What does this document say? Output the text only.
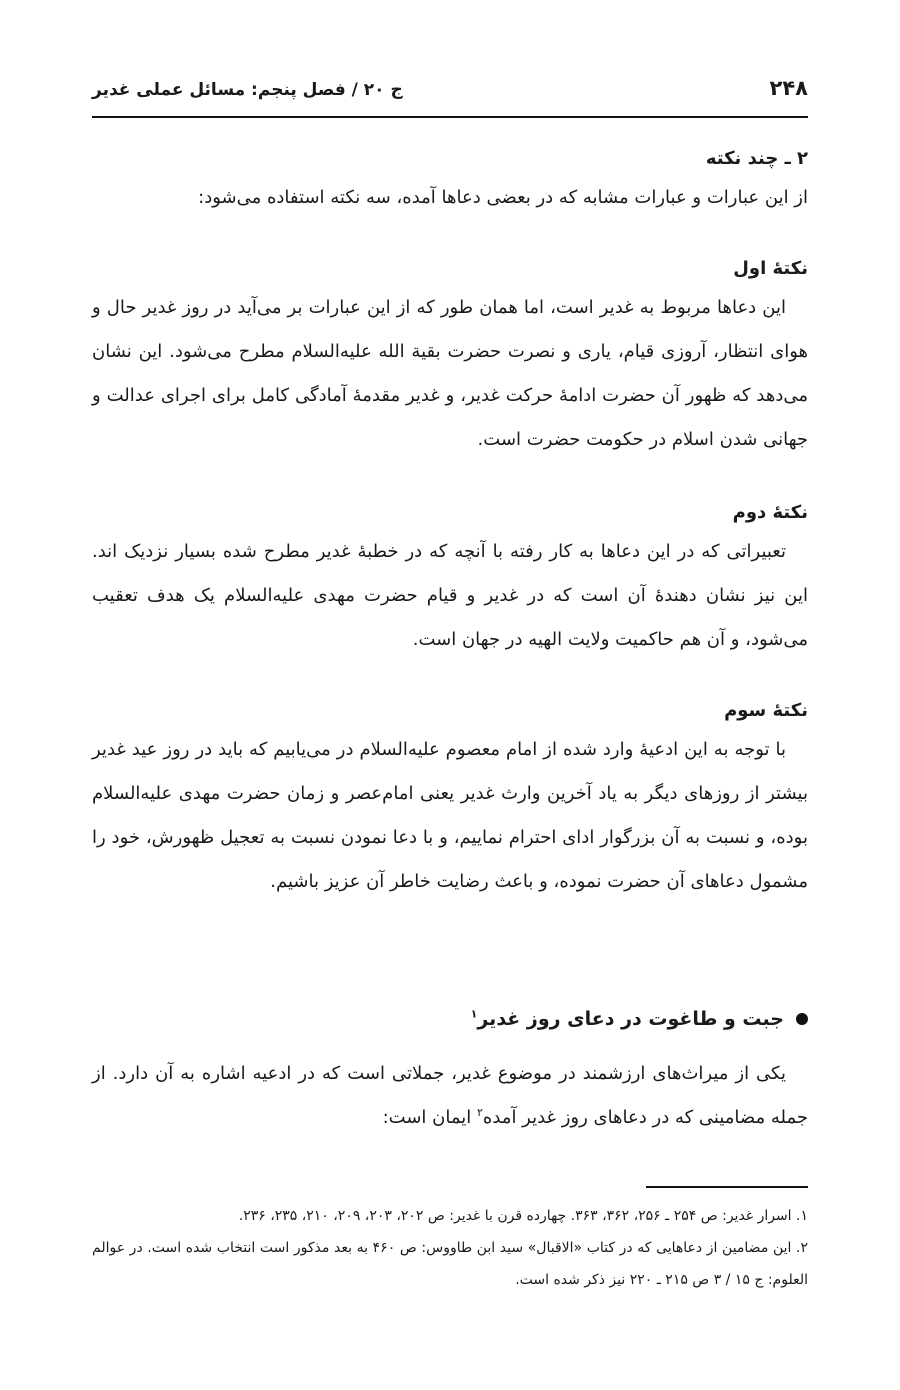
۲۴۸
ج ۲۰ / فصل پنجم: مسائل عملی غدیر

۲ ـ چند نکته

از این عبارات و عبارات مشابه که در بعضی دعاها آمده، سه نکته استفاده می‌شود:

نکتهٔ اول

این دعاها مربوط به غدیر است، اما همان طور که از این عبارات بر می‌آید در روز غدیر حال و هوای انتظار، آروزی قیام، یاری و نصرت حضرت بقیة الله علیه‌السلام مطرح می‌شود. این نشان می‌دهد که ظهور آن حضرت ادامهٔ حرکت غدیر، و غدیر مقدمهٔ آمادگی کامل برای اجرای عدالت و جهانی شدن اسلام در حکومت حضرت است.

نکتهٔ دوم

تعبیراتی که در این دعاها به کار رفته با آنچه که در خطبهٔ غدیر مطرح شده بسیار نزدیک اند. این نیز نشان دهندهٔ آن است که در غدیر و قیام حضرت مهدی علیه‌السلام یک هدف تعقیب می‌شود، و آن هم حاکمیت ولایت الهیه در جهان است.

نکتهٔ سوم

با توجه به این ادعیهٔ وارد شده از امام معصوم علیه‌السلام در می‌یابیم که باید در روز عید غدیر بیشتر از روزهای دیگر به یاد آخرین وارث غدیر یعنی امام‌عصر و زمان حضرت مهدی علیه‌السلام بوده، و نسبت به آن بزرگوار ادای احترام نماییم، و با دعا نمودن نسبت به تعجیل ظهورش، خود را مشمول دعاهای آن حضرت نموده، و باعث رضایت خاطر آن عزیز باشیم.

جبت و طاغوت در دعای روز غدیر$^۱$

یکی از میراث‌های ارزشمند در موضوع غدیر، جملاتی است که در ادعیه اشاره به آن دارد. از جمله مضامینی که در دعاهای روز غدیر آمده$^۲$ ایمان است:

۱. اسرار غدیر: ص ۲۵۴ ـ ۲۵۶، ۳۶۲، ۳۶۳. چهارده قرن با غدیر: ص ۲۰۲، ۲۰۳، ۲۰۹، ۲۱۰، ۲۳۵، ۲۳۶.

۲. این مضامین از دعاهایی که در کتاب «الاقبال» سید ابن طاووس: ص ۴۶۰ به بعد مذکور است انتخاب شده است. در عوالم العلوم: ج ۱۵ / ۳ ص ۲۱۵ ـ ۲۲۰ نیز ذکر شده است.
